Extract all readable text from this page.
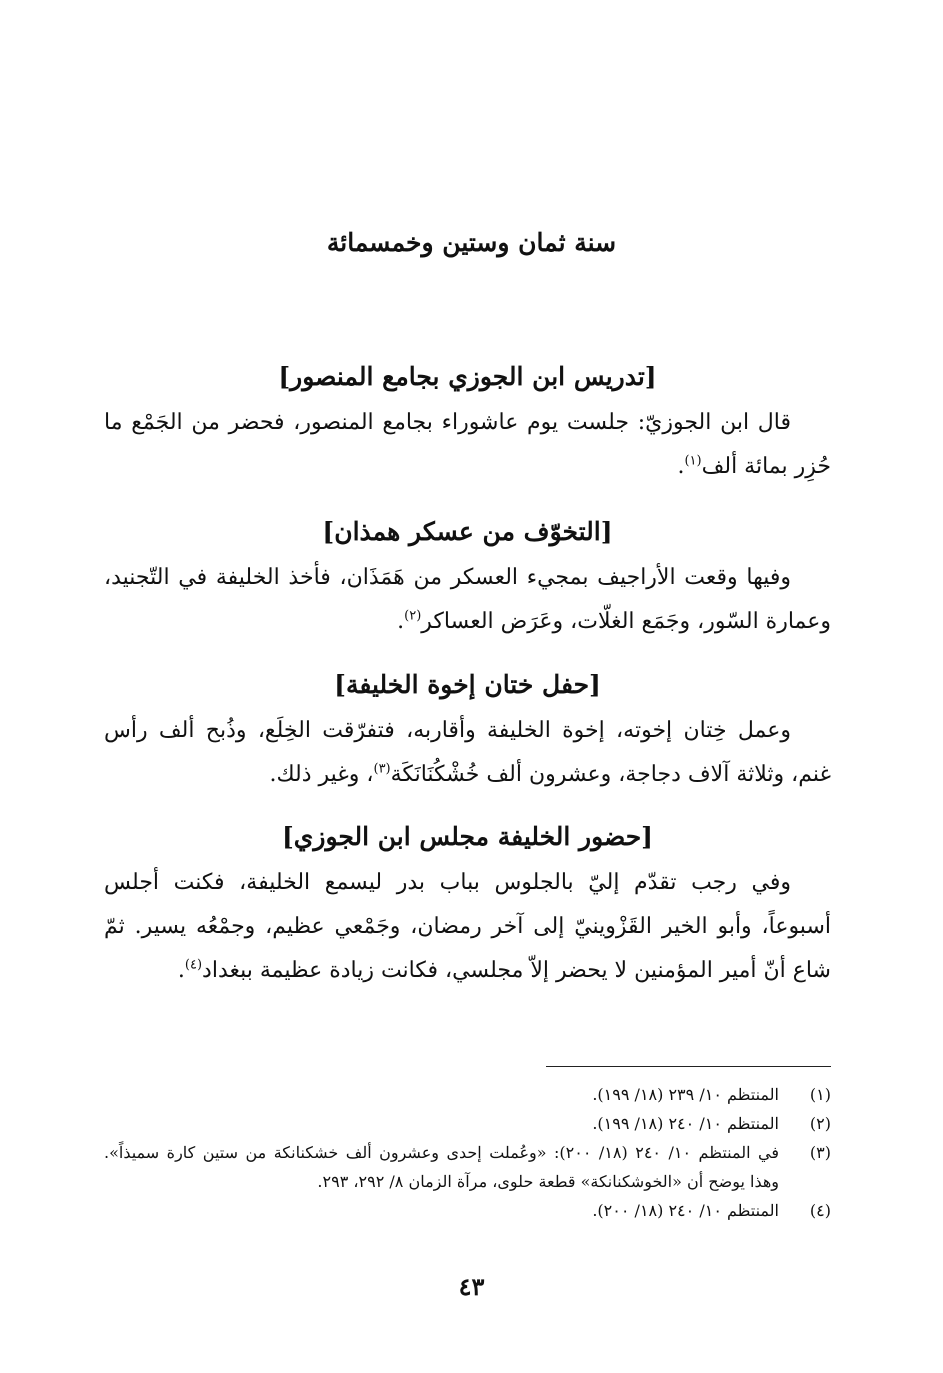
سنة ثمان وستين وخمسمائة
[تدريس ابن الجوزي بجامع المنصور]

قال ابن الجوزيّ: جلست يوم عاشوراء بجامع المنصور، فحضر من الجَمْع ما حُزِر بمائة ألف$^{(١)}$.

[التخوّف من عسكر همذان]

وفيها وقعت الأراجيف بمجيء العسكر من هَمَذَان، فأخذ الخليفة في التّجنيد، وعمارة السّور، وجَمَع الغلّات، وعَرَض العساكر$^{(٢)}$.

[حفل ختان إخوة الخليفة]

وعمل خِتان إخوته، إخوة الخليفة وأقاربه، فتفرّقت الخِلَع، وذُبح ألف رأس غنم، وثلاثة آلاف دجاجة، وعشرون ألف خُشْكُنَانَكَة$^{(٣)}$، وغير ذلك.

[حضور الخليفة مجلس ابن الجوزي]

وفي رجب تقدّم إليّ بالجلوس بباب بدر ليسمع الخليفة، فكنت أجلس أسبوعاً، وأبو الخير القَزْوينيّ إلى آخر رمضان، وجَمْعي عظيم، وجمْعُه يسير. ثمّ شاع أنّ أمير المؤمنين لا يحضر إلاّ مجلسي، فكانت زيادة عظيمة ببغداد$^{(٤)}$.

(١)
المنتظم ١٠/ ٢٣٩ (١٨/ ١٩٩).
(٢)
المنتظم ١٠/ ٢٤٠ (١٨/ ١٩٩).
(٣)
في المنتظم ١٠/ ٢٤٠ (١٨/ ٢٠٠): «وعُملت إحدى وعشرون ألف خشكنانكة من ستين كارة سميذاً». وهذا يوضح أن «الخوشكنانكة» قطعة حلوى، مرآة الزمان ٨/ ٢٩٢، ٢٩٣.
(٤)
المنتظم ١٠/ ٢٤٠ (١٨/ ٢٠٠).
٤٣
